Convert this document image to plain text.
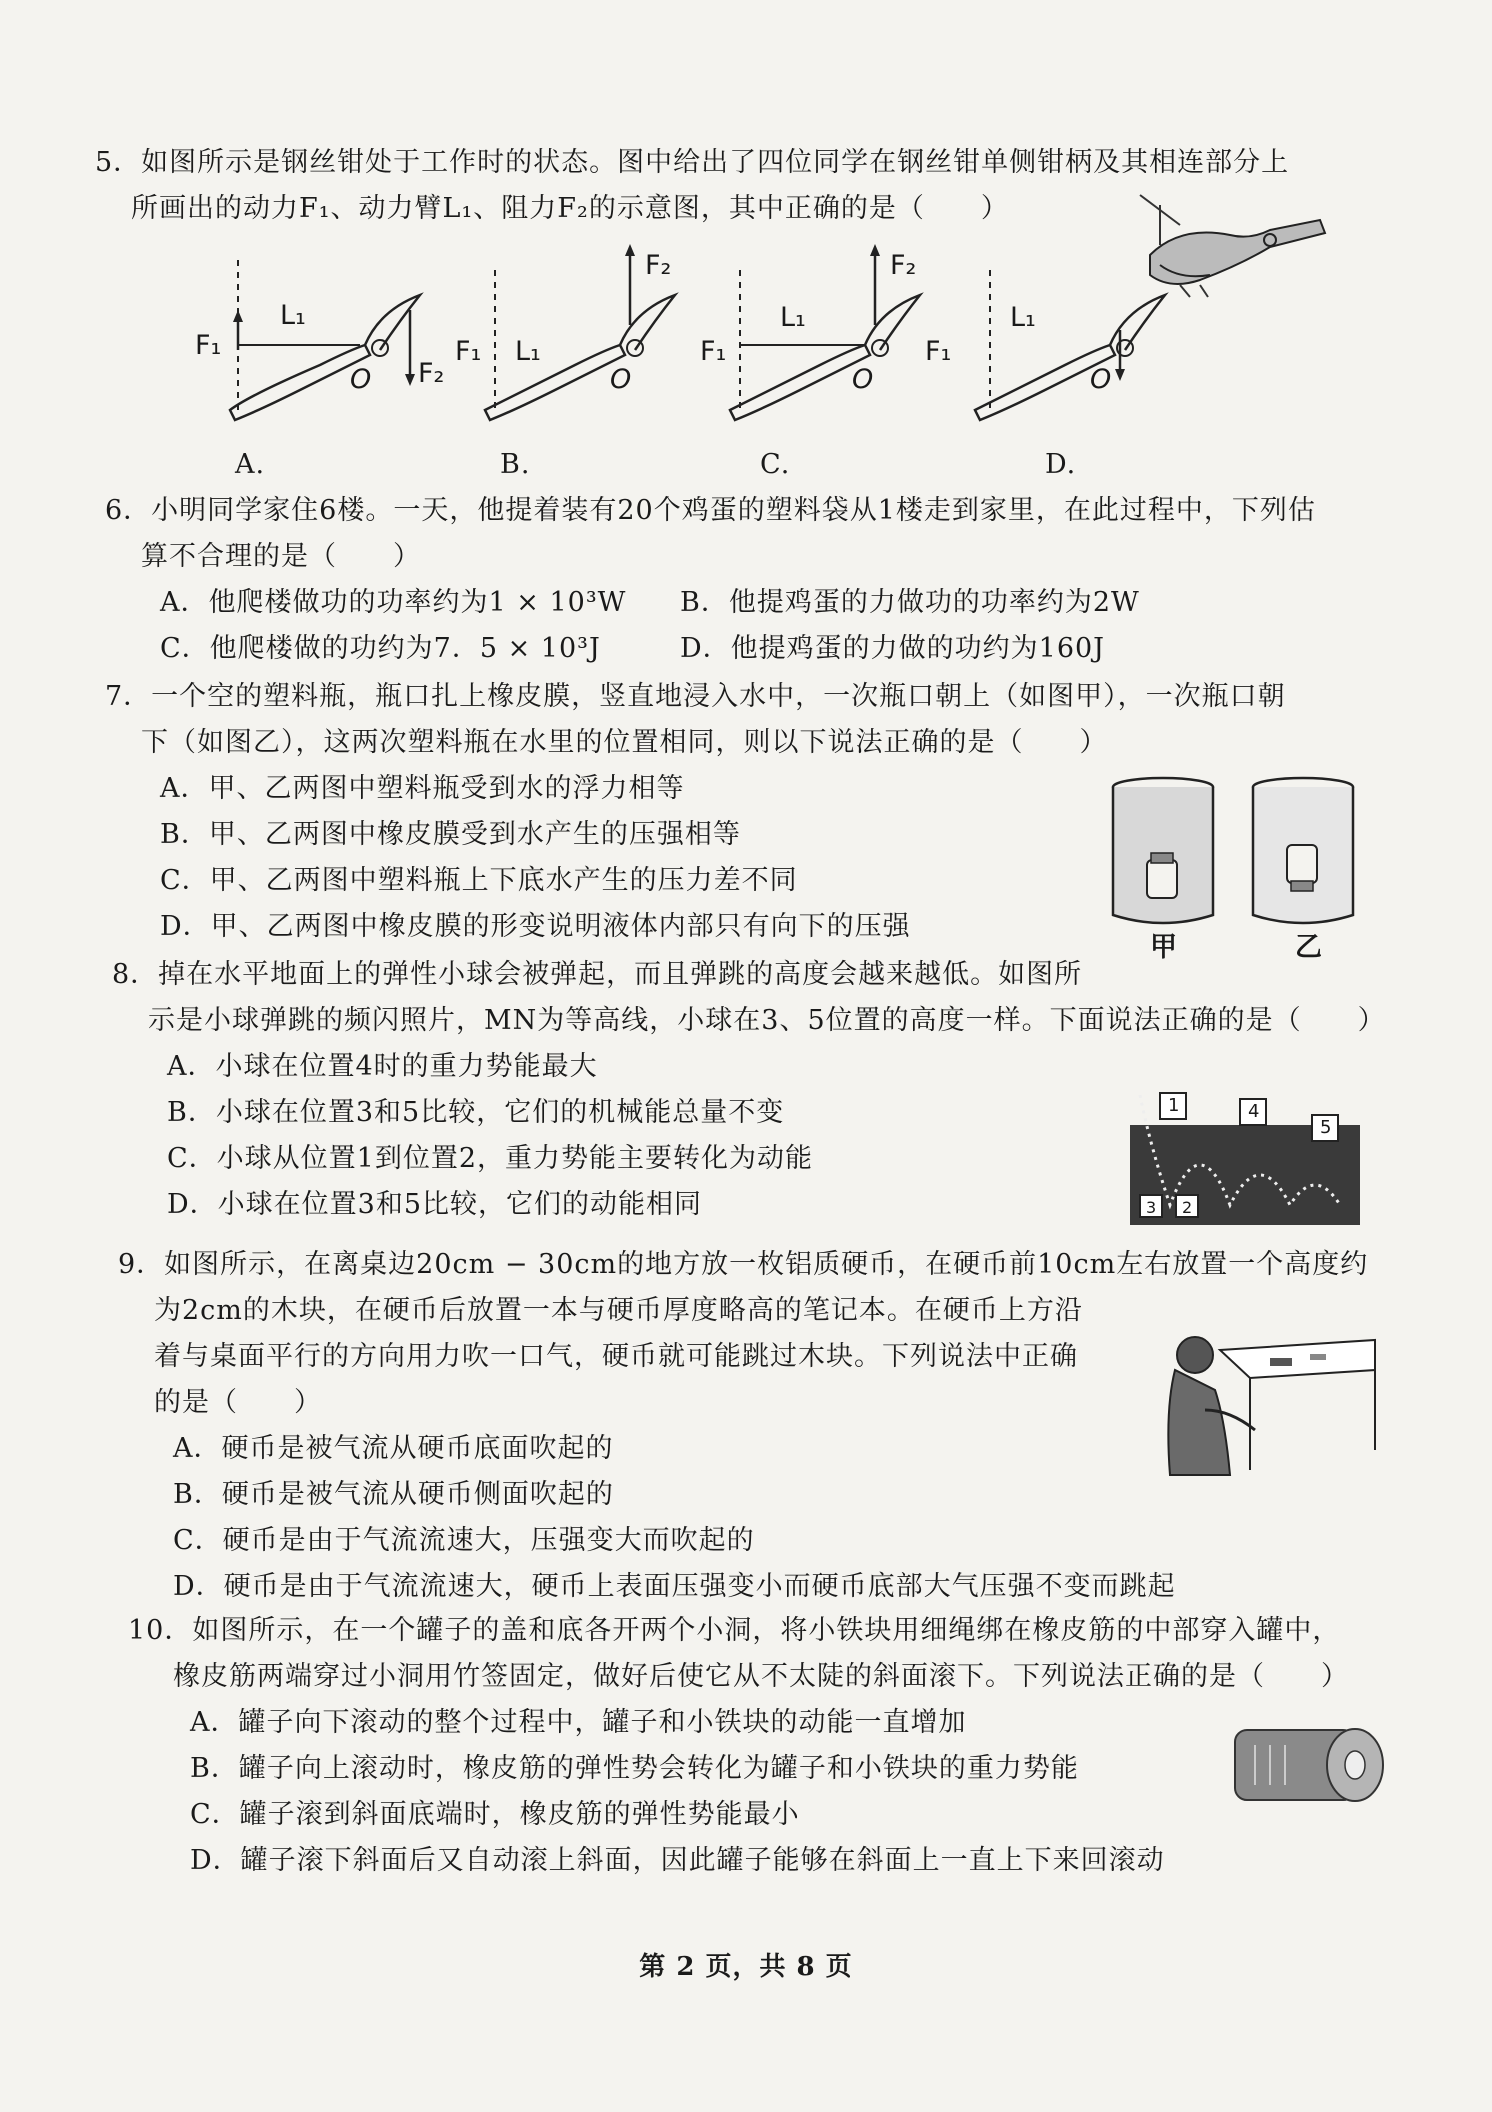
5．如图所示是钢丝钳处于工作时的状态。图中给出了四位同学在钢丝钳单侧钳柄及其相连部分上
所画出的动力F₁、动力臂L₁、阻力F₂的示意图，其中正确的是（　　）
F₁
L₁
F₂
O
F₁ L₁
F₂
O
F₁
L₁
F₂
O
F₁
L₁
O
A.	B.	C.	D.
6．小明同学家住6楼。一天，他提着装有20个鸡蛋的塑料袋从1楼走到家里，在此过程中，下列估
算不合理的是（　　）
A．他爬楼做功的功率约为1 × 10³W	B．他提鸡蛋的力做功的功率约为2W
C．他爬楼做的功约为7．5 × 10³J	D．他提鸡蛋的力做的功约为160J
7．一个空的塑料瓶，瓶口扎上橡皮膜，竖直地浸入水中，一次瓶口朝上（如图甲），一次瓶口朝
下（如图乙），这两次塑料瓶在水里的位置相同，则以下说法正确的是（　　）
A．甲、乙两图中塑料瓶受到水的浮力相等
B．甲、乙两图中橡皮膜受到水产生的压强相等
C．甲、乙两图中塑料瓶上下底水产生的压力差不同
D．甲、乙两图中橡皮膜的形变说明液体内部只有向下的压强
甲	乙
8．掉在水平地面上的弹性小球会被弹起，而且弹跳的高度会越来越低。如图所
示是小球弹跳的频闪照片，MN为等高线，小球在3、5位置的高度一样。下面说法正确的是（　　）
A．小球在位置4时的重力势能最大
B．小球在位置3和5比较，它们的机械能总量不变
C．小球从位置1到位置2，重力势能主要转化为动能
D．小球在位置3和5比较，它们的动能相同
1	4
5
3 2
9．如图所示，在离桌边20cm − 30cm的地方放一枚铝质硬币，在硬币前10cm左右放置一个高度约
为2cm的木块，在硬币后放置一本与硬币厚度略高的笔记本。在硬币上方沿
着与桌面平行的方向用力吹一口气，硬币就可能跳过木块。下列说法中正确
的是（　　）
A．硬币是被气流从硬币底面吹起的
B．硬币是被气流从硬币侧面吹起的
C．硬币是由于气流流速大，压强变大而吹起的
D．硬币是由于气流流速大，硬币上表面压强变小而硬币底部大气压强不变而跳起
10．如图所示，在一个罐子的盖和底各开两个小洞，将小铁块用细绳绑在橡皮筋的中部穿入罐中，
橡皮筋两端穿过小洞用竹签固定，做好后使它从不太陡的斜面滚下。下列说法正确的是（　　）
A．罐子向下滚动的整个过程中，罐子和小铁块的动能一直增加
B．罐子向上滚动时，橡皮筋的弹性势会转化为罐子和小铁块的重力势能
C．罐子滚到斜面底端时，橡皮筋的弹性势能最小
D．罐子滚下斜面后又自动滚上斜面，因此罐子能够在斜面上一直上下来回滚动
第 2 页，共 8 页
